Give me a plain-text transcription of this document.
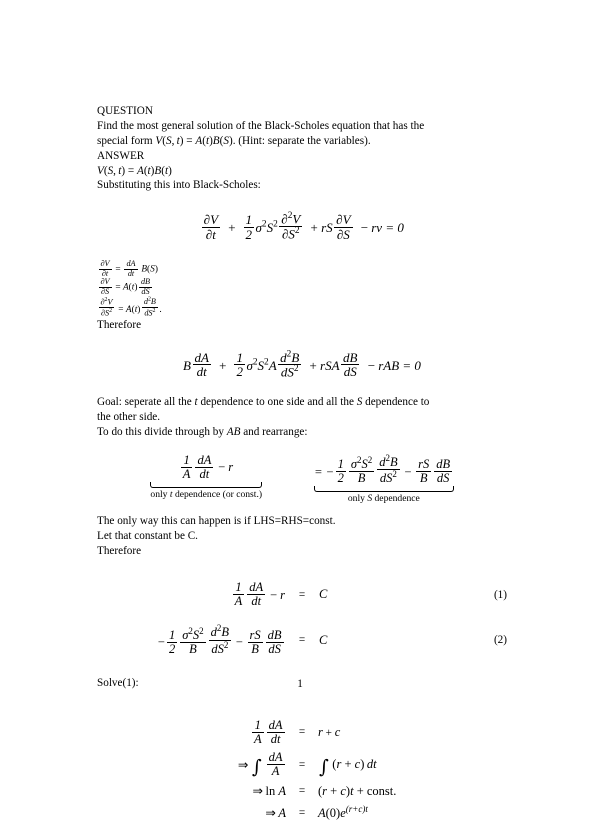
QUESTION
Find the most general solution of the Black-Scholes equation that has the
special form V(S, t) = A(t)B(S). (Hint: separate the variables).
ANSWER
V(S, t) = A(t)B(t)
Substituting this into Black-Scholes:
$\frac{\partial V}{\partial t} + \frac{1}{2} \sigma^2S^2 \frac{\partial^2V}{\partial S^2}$  + rS $\frac{\partial V}{\partial S}$  − rv = 0
$\frac{\partial V}{\partial t} = \frac{dA}{dt} B(S)$
$\frac{\partial V}{\partial S} = A(t) \frac{dB}{dS}$
$\frac{\partial^2V}{\partial S^2} = A(t) \frac{d^2B}{dS^2}$ .
Therefore
B $\frac{dA}{dt} + \frac{1}{2} \sigma^2S^2A \frac{d^2B}{dS^2}$  + rSA $\frac{dB}{dS}$  − rAB = 0
Goal: seperate all the t dependence to one side and all the S dependence to
the other side.
To do this divide through by AB and rearrange:
$\frac{1}{A} \frac{dA}{dt} - r$
only t dependence (or const.)
= − $\frac{1}{2} \frac{\sigma^2S^2}{B} \frac{d^2B}{dS^2} - \frac{rS}{B} \frac{dB}{dS}$
only S dependence
The only way this can happen is if LHS=RHS=const.
Let that constant be C.
Therefore
$\frac{1}{A} \frac{dA}{dt} - r$	=	C	(1)
− $\frac{1}{2} \frac{\sigma^2S^2}{B} \frac{d^2B}{dS^2} - \frac{rS}{B} \frac{dB}{dS}$	=	C	(2)
Solve(1):
$\frac{1}{A} \frac{dA}{dt}$	=	r + c
⇒ ∫  $\frac{dA}{A}$	= ∫ (r + c) dt
⇒ ln A	=	(r + c)t + const.
⇒ A	=	$A(0)e^{(r+c)t}$
1
